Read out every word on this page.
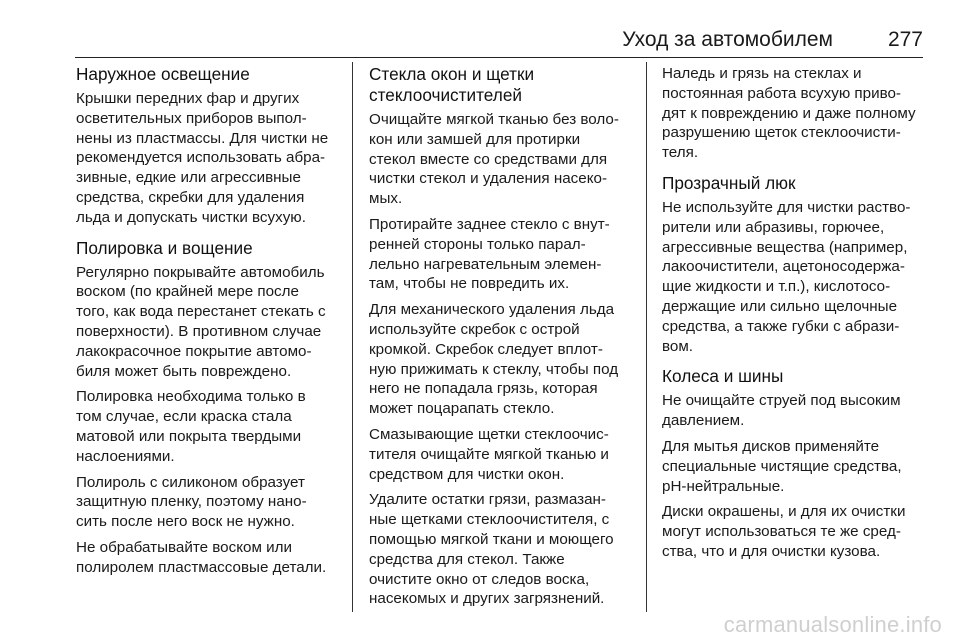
Уход за автомобилем	277
Наружное освещение

Крышки передних фар и других
осветительных приборов выпол-
нены из пластмассы. Для чистки не
рекомендуется использовать абра-
зивные, едкие или агрессивные
средства, скребки для удаления
льда и допускать чистки всухую.

Полировка и вощение

Регулярно покрывайте автомобиль
воском (по крайней мере после
того, как вода перестанет стекать с
поверхности). В противном случае
лакокрасочное покрытие автомо-
биля может быть повреждено.

Полировка необходима только в
том случае, если краска стала
матовой или покрыта твердыми
наслоениями.

Полироль с силиконом образует
защитную пленку, поэтому нано-
сить после него воск не нужно.

Не обрабатывайте воском или
полиролем пластмассовые детали.

Стекла окон и щетки
стеклоочистителей

Очищайте мягкой тканью без воло-
кон или замшей для протирки
стекол вместе со средствами для
чистки стекол и удаления насеко-
мых.

Протирайте заднее стекло с внут-
ренней стороны только парал-
лельно нагревательным элемен-
там, чтобы не повредить их.

Для механического удаления льда
используйте скребок с острой
кромкой. Скребок следует вплот-
ную прижимать к стеклу, чтобы под
него не попадала грязь, которая
может поцарапать стекло.

Смазывающие щетки стеклоочис-
тителя очищайте мягкой тканью и
средством для чистки окон.

Удалите остатки грязи, размазан-
ные щетками стеклоочистителя, с
помощью мягкой ткани и моющего
средства для стекол. Также
очистите окно от следов воска,
насекомых и других загрязнений.

Наледь и грязь на стеклах и
постоянная работа всухую приво-
дят к повреждению и даже полному
разрушению щеток стеклоочисти-
теля.

Прозрачный люк

Не используйте для чистки раство-
рители или абразивы, горючее,
агрессивные вещества (например,
лакоочистители, ацетоносодержа-
щие жидкости и т.п.), кислотосо-
держащие или сильно щелочные
средства, а также губки с абрази-
вом.

Колеса и шины

Не очищайте струей под высоким
давлением.

Для мытья дисков применяйте
специальные чистящие средства,
рН-нейтральные.

Диски окрашены, и для их очистки
могут использоваться те же сред-
ства, что и для очистки кузова.

carmanualsonline.info
